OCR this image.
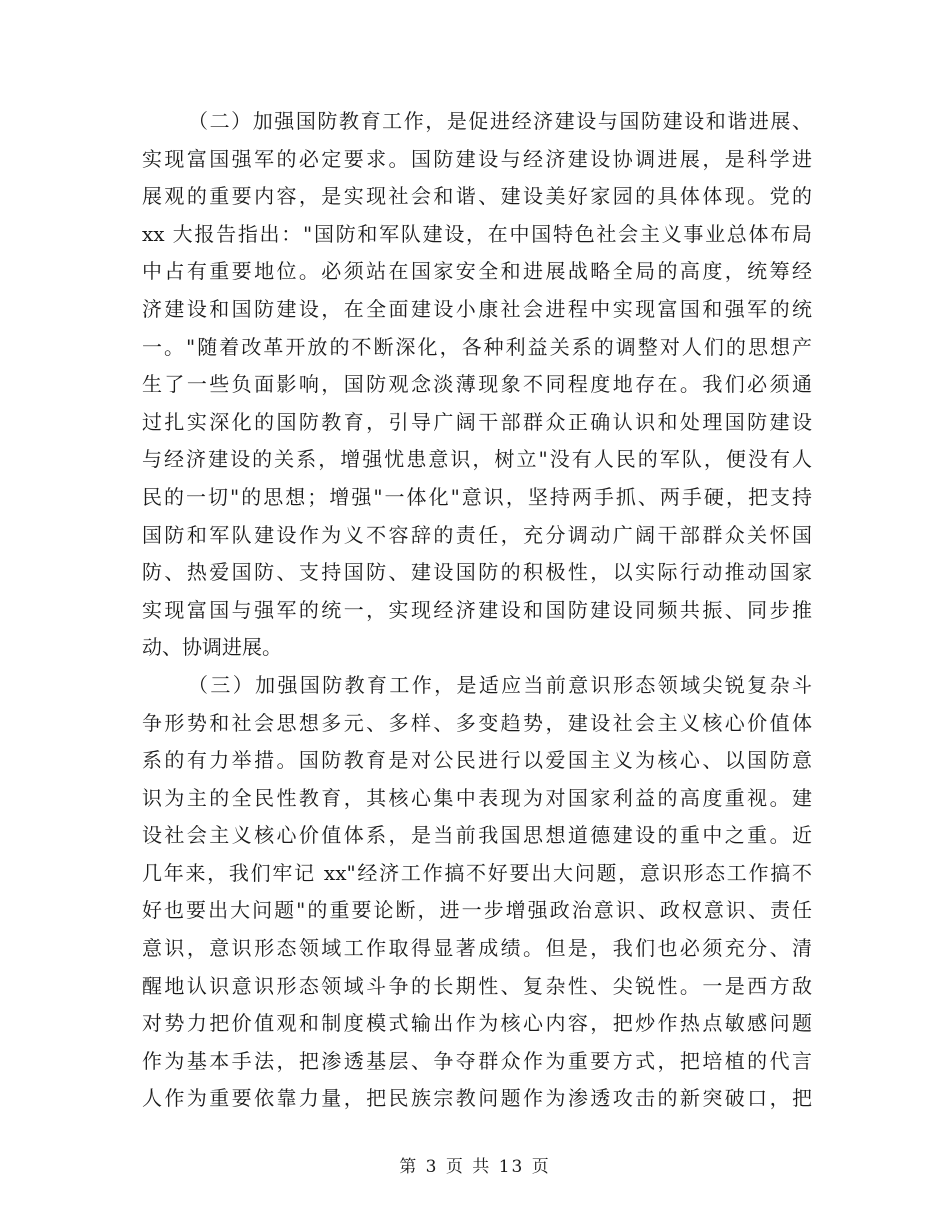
（二）加强国防教育工作，是促进经济建设与国防建设和谐进展、
实现富国强军的必定要求。国防建设与经济建设协调进展，是科学进
展观的重要内容，是实现社会和谐、建设美好家园的具体体现。党的
xx 大报告指出："国防和军队建设，在中国特色社会主义事业总体布局
中占有重要地位。必须站在国家安全和进展战略全局的高度，统筹经
济建设和国防建设，在全面建设小康社会进程中实现富国和强军的统
一。"随着改革开放的不断深化，各种利益关系的调整对人们的思想产
生了一些负面影响，国防观念淡薄现象不同程度地存在。我们必须通
过扎实深化的国防教育，引导广阔干部群众正确认识和处理国防建设
与经济建设的关系，增强忧患意识，树立"没有人民的军队，便没有人
民的一切"的思想；增强"一体化"意识，坚持两手抓、两手硬，把支持
国防和军队建设作为义不容辞的责任，充分调动广阔干部群众关怀国
防、热爱国防、支持国防、建设国防的积极性，以实际行动推动国家
实现富国与强军的统一，实现经济建设和国防建设同频共振、同步推
动、协调进展。
（三）加强国防教育工作，是适应当前意识形态领域尖锐复杂斗
争形势和社会思想多元、多样、多变趋势，建设社会主义核心价值体
系的有力举措。国防教育是对公民进行以爱国主义为核心、以国防意
识为主的全民性教育，其核心集中表现为对国家利益的高度重视。建
设社会主义核心价值体系，是当前我国思想道德建设的重中之重。近
几年来，我们牢记 xx"经济工作搞不好要出大问题，意识形态工作搞不
好也要出大问题"的重要论断，进一步增强政治意识、政权意识、责任
意识，意识形态领域工作取得显著成绩。但是，我们也必须充分、清
醒地认识意识形态领域斗争的长期性、复杂性、尖锐性。一是西方敌
对势力把价值观和制度模式输出作为核心内容，把炒作热点敏感问题
作为基本手法，把渗透基层、争夺群众作为重要方式，把培植的代言
人作为重要依靠力量，把民族宗教问题作为渗透攻击的新突破口，把
第 3 页 共 13 页
